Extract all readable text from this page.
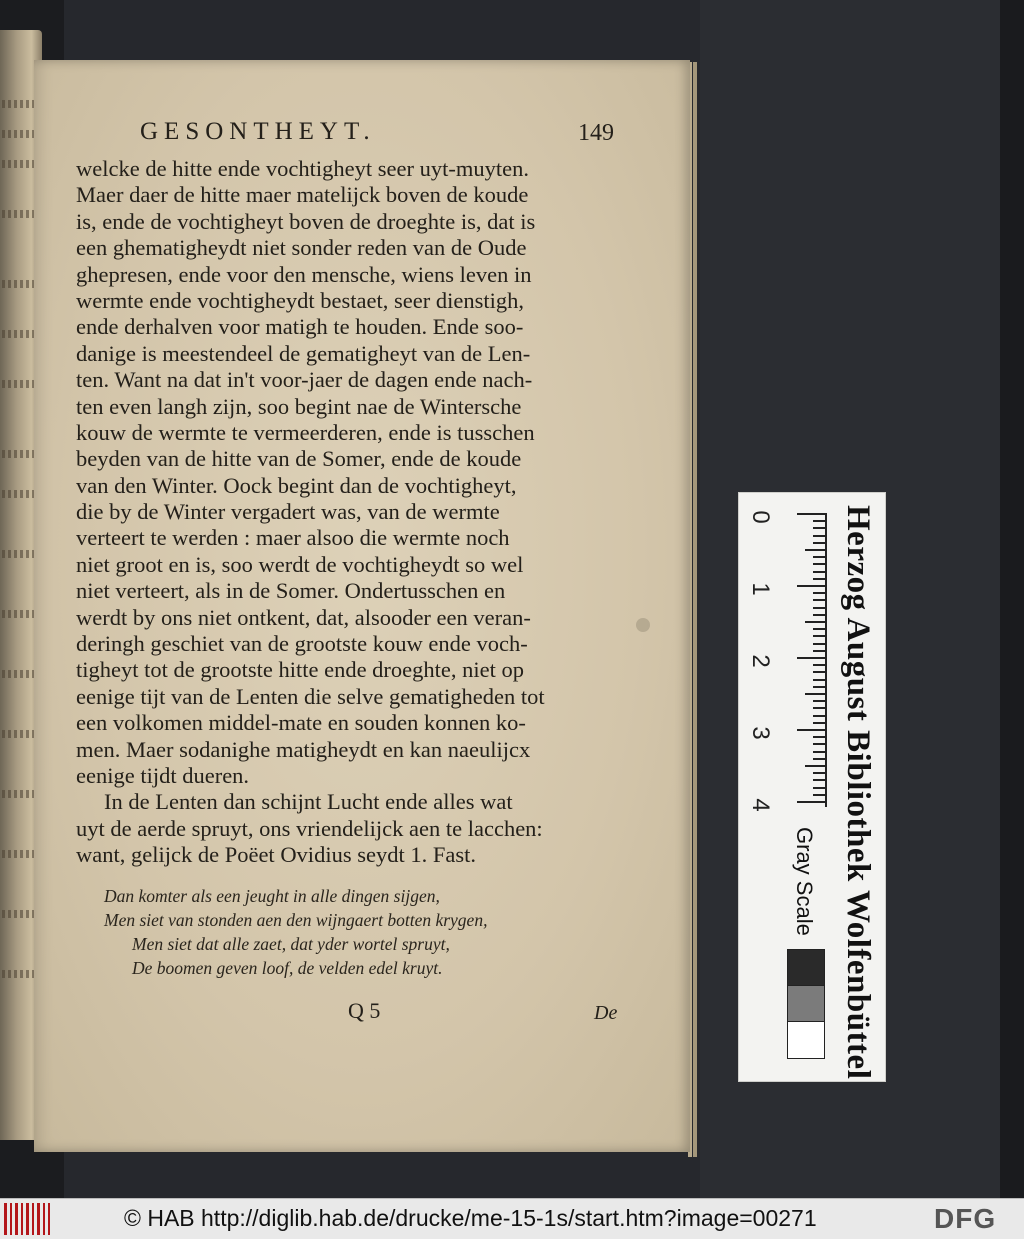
GESONTHEYT.	149
welcke de hitte ende vochtigheyt seer uyt-muyten.
Maer daer de hitte maer matelijck boven de koude
is, ende de vochtigheyt boven de droeghte is, dat is
een ghematigheydt niet sonder reden van de Oude
ghepresen, ende voor den mensche, wiens leven in
wermte ende vochtigheydt bestaet, seer dienstigh,
ende derhalven voor matigh te houden. Ende soo-
danige is meestendeel de gematigheyt van de Len-
ten. Want na dat in't voor-jaer de dagen ende nach-
ten even langh zijn, soo begint nae de Wintersche
kouw de wermte te vermeerderen, ende is tusschen
beyden van de hitte van de Somer, ende de koude
van den Winter. Oock begint dan de vochtigheyt,
die by de Winter vergadert was, van de wermte
verteert te werden : maer alsoo die wermte noch
niet groot en is, soo werdt de vochtigheydt so wel
niet verteert, als in de Somer. Ondertusschen en
werdt by ons niet ontkent, dat, alsooder een veran-
deringh geschiet van de grootste kouw ende voch-
tigheyt tot de grootste hitte ende droeghte, niet op
eenige tijt van de Lenten die selve gematigheden tot
een volkomen middel-mate en souden konnen ko-
men. Maer sodanighe matigheydt en kan naeulijcx
eenige tijdt dueren.
In de Lenten dan schijnt Lucht ende alles wat
uyt de aerde spruyt, ons vriendelijck aen te lacchen:
want, gelijck de Poëet Ovidius seydt 1. Fast.
Dan komter als een jeught in alle dingen sijgen,
Men siet van stonden aen den wijngaert botten krygen,
Men siet dat alle zaet, dat yder wortel spruyt,
De boomen geven loof, de velden edel kruyt.
Q 5	De
0
1
2
3
4 Herzog August Bibliothek Wolfenbüttel
Gray Scale
© HAB http://diglib.hab.de/drucke/me-15-1s/start.htm?image=00271	DFG
